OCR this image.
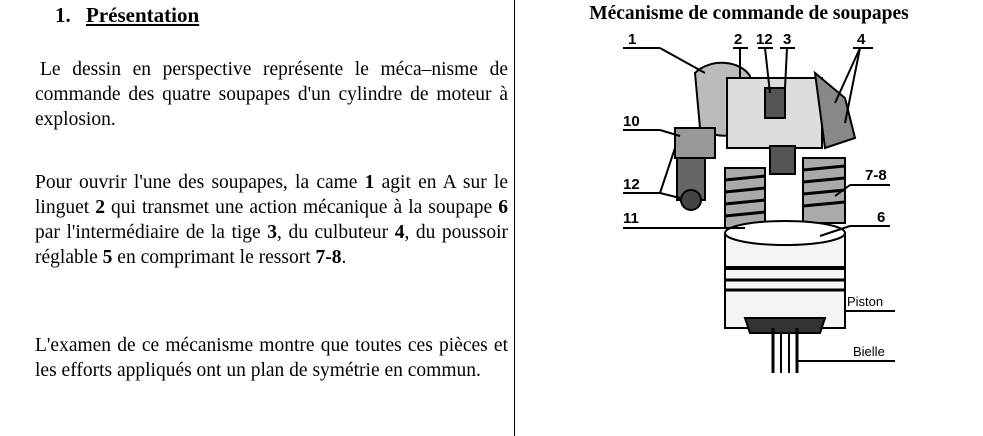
1. Présentation

Le dessin en perspective représente le méca–nisme de commande des quatre soupapes d'un cylindre de moteur à explosion.

Pour ouvrir l'une des soupapes, la came 1 agit en A sur le linguet 2 qui transmet une action mécanique à la soupape 6 par l'intermédiaire de la tige 3, du culbuteur 4, du poussoir réglable 5 en comprimant le ressort 7-8.

L'examen de ce mécanisme montre que toutes ces pièces et les efforts appliqués ont un plan de symétrie en commun.

Mécanisme de commande de soupapes
1	2 12 3	4
10
12
7-8
11	6
Piston
Bielle
